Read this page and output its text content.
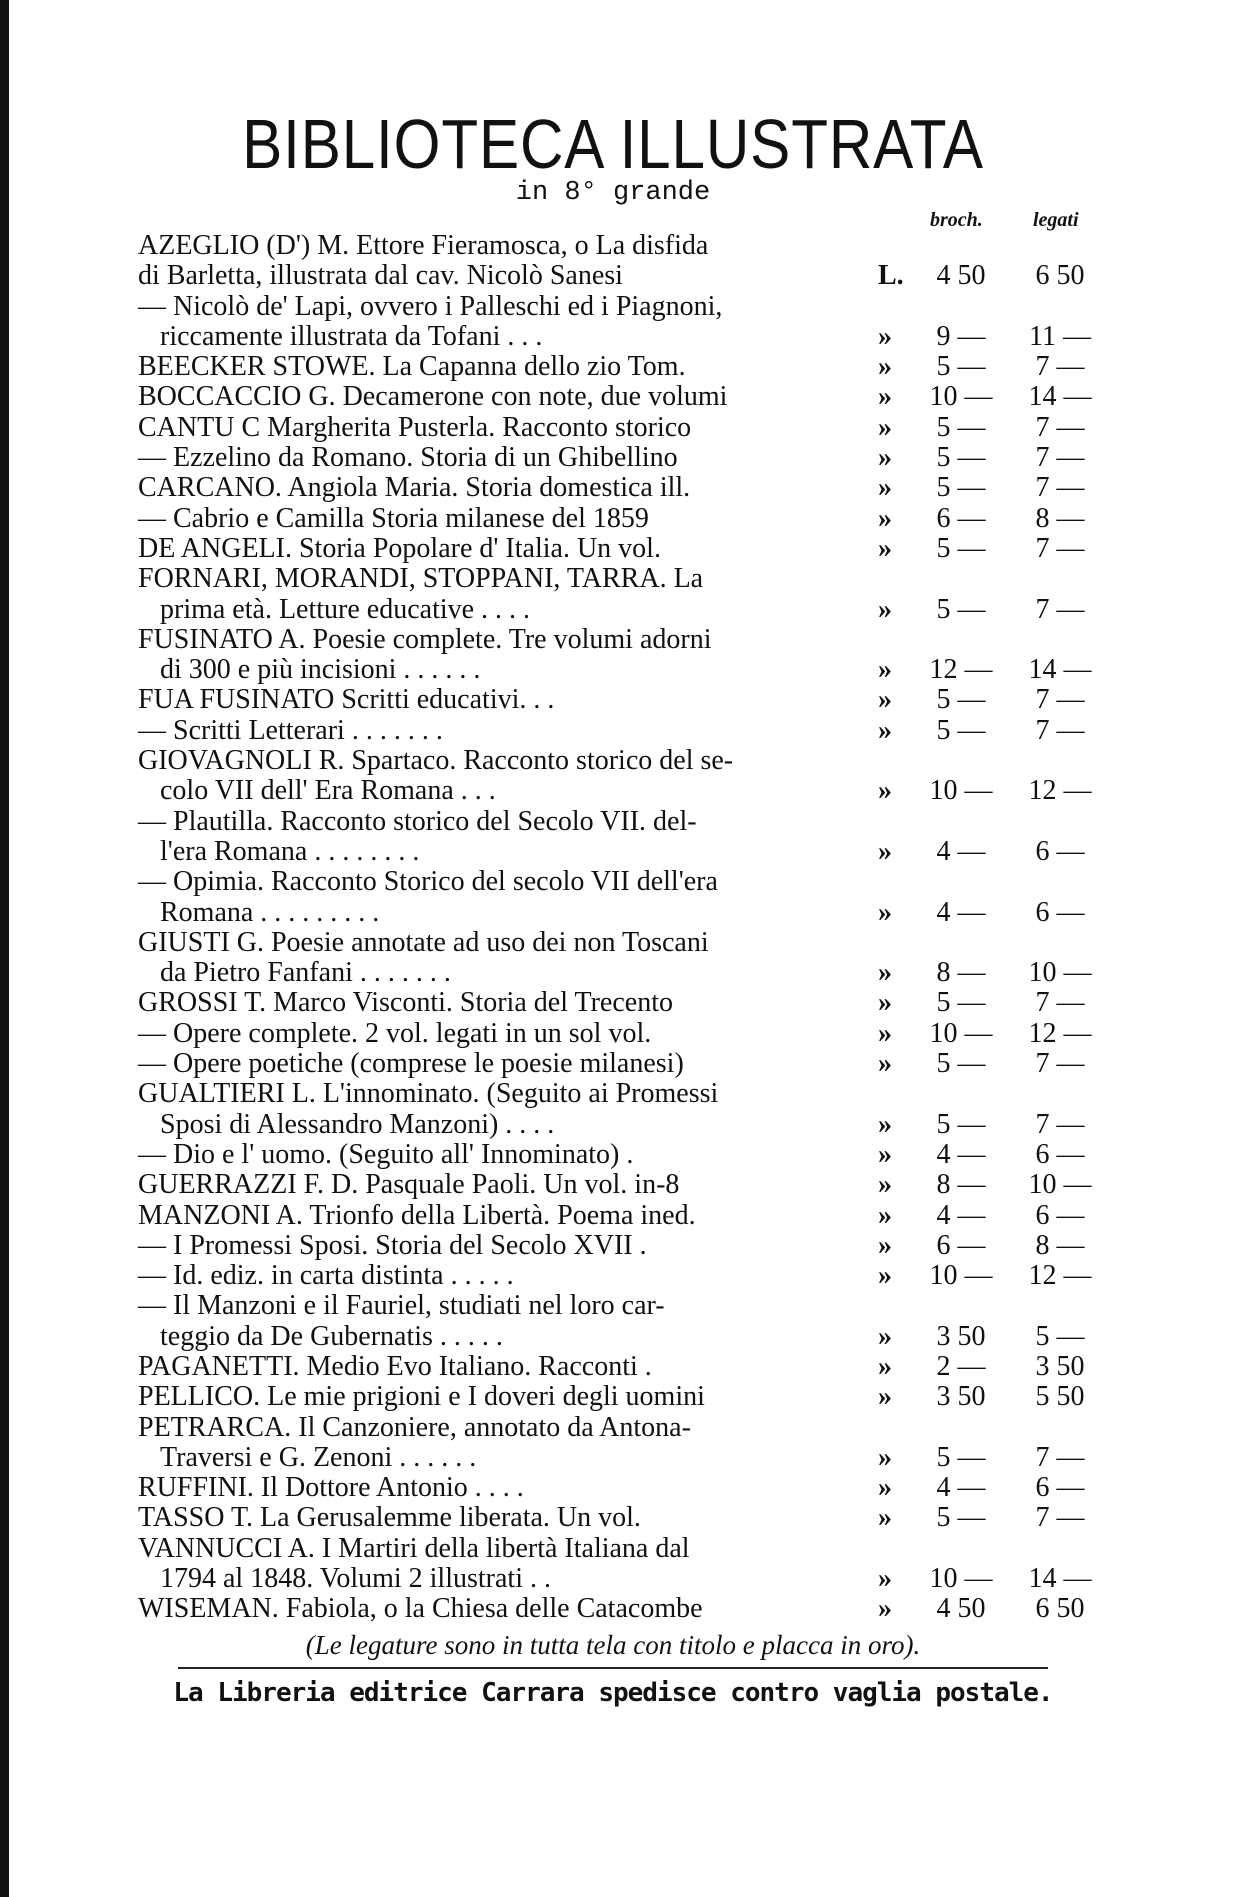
BIBLIOTECA ILLUSTRATA
in 8° grande
broch.	legati
AZEGLIO (D') M. Ettore Fieramosca, o La disfida
di Barletta, illustrata dal cav. Nicolò Sanesi	L.	4 50	6 50
— Nicolò de' Lapi, ovvero i Palleschi ed i Piagnoni,
riccamente illustrata da Tofani . . .	»	9 —	11 —
BEECKER STOWE. La Capanna dello zio Tom.	»	5 —	7 —
BOCCACCIO G. Decamerone con note, due volumi	»	10 —	14 —
CANTU C Margherita Pusterla. Racconto storico	»	5 —	7 —
— Ezzelino da Romano. Storia di un Ghibellino	»	5 —	7 —
CARCANO. Angiola Maria. Storia domestica ill.	»	5 —	7 —
— Cabrio e Camilla Storia milanese del 1859	»	6 —	8 —
DE ANGELI. Storia Popolare d' Italia. Un vol.	»	5 —	7 —
FORNARI, MORANDI, STOPPANI, TARRA. La
prima età. Letture educative . . . .	»	5 —	7 —
FUSINATO A. Poesie complete. Tre volumi adorni
di 300 e più incisioni . . . . . .	»	12 —	14 —
FUA FUSINATO Scritti educativi. . .	»	5 —	7 —
— Scritti Letterari . . . . . . .	»	5 —	7 —
GIOVAGNOLI R. Spartaco. Racconto storico del se-
colo VII dell' Era Romana . . .	»	10 —	12 —
— Plautilla. Racconto storico del Secolo VII. del-
l'era Romana . . . . . . . .	»	4 —	6 —
— Opimia. Racconto Storico del secolo VII dell'era
Romana . . . . . . . . .	»	4 —	6 —
GIUSTI G. Poesie annotate ad uso dei non Toscani
da Pietro Fanfani . . . . . . .	»	8 —	10 —
GROSSI T. Marco Visconti. Storia del Trecento	»	5 —	7 —
— Opere complete. 2 vol. legati in un sol vol.	»	10 —	12 —
— Opere poetiche (comprese le poesie milanesi)	»	5 —	7 —
GUALTIERI L. L'innominato. (Seguito ai Promessi
Sposi di Alessandro Manzoni) . . . .	»	5 —	7 —
— Dio e l' uomo. (Seguito all' Innominato) .	»	4 —	6 —
GUERRAZZI F. D. Pasquale Paoli. Un vol. in-8	»	8 —	10 —
MANZONI A. Trionfo della Libertà. Poema ined.	»	4 —	6 —
— I Promessi Sposi. Storia del Secolo XVII .	»	6 —	8 —
— Id. ediz. in carta distinta . . . . .	»	10 —	12 —
— Il Manzoni e il Fauriel, studiati nel loro car-
teggio da De Gubernatis . . . . .	»	3 50	5 —
PAGANETTI. Medio Evo Italiano. Racconti .	»	2 —	3 50
PELLICO. Le mie prigioni e I doveri degli uomini	»	3 50	5 50
PETRARCA. Il Canzoniere, annotato da Antona-
Traversi e G. Zenoni . . . . . .	»	5 —	7 —
RUFFINI. Il Dottore Antonio . . . .	»	4 —	6 —
TASSO T. La Gerusalemme liberata. Un vol.	»	5 —	7 —
VANNUCCI A. I Martiri della libertà Italiana dal
1794 al 1848. Volumi 2 illustrati . .	»	10 —	14 —
WISEMAN. Fabiola, o la Chiesa delle Catacombe	»	4 50	6 50
(Le legature sono in tutta tela con titolo e placca in oro).
La Libreria editrice Carrara spedisce contro vaglia postale.
